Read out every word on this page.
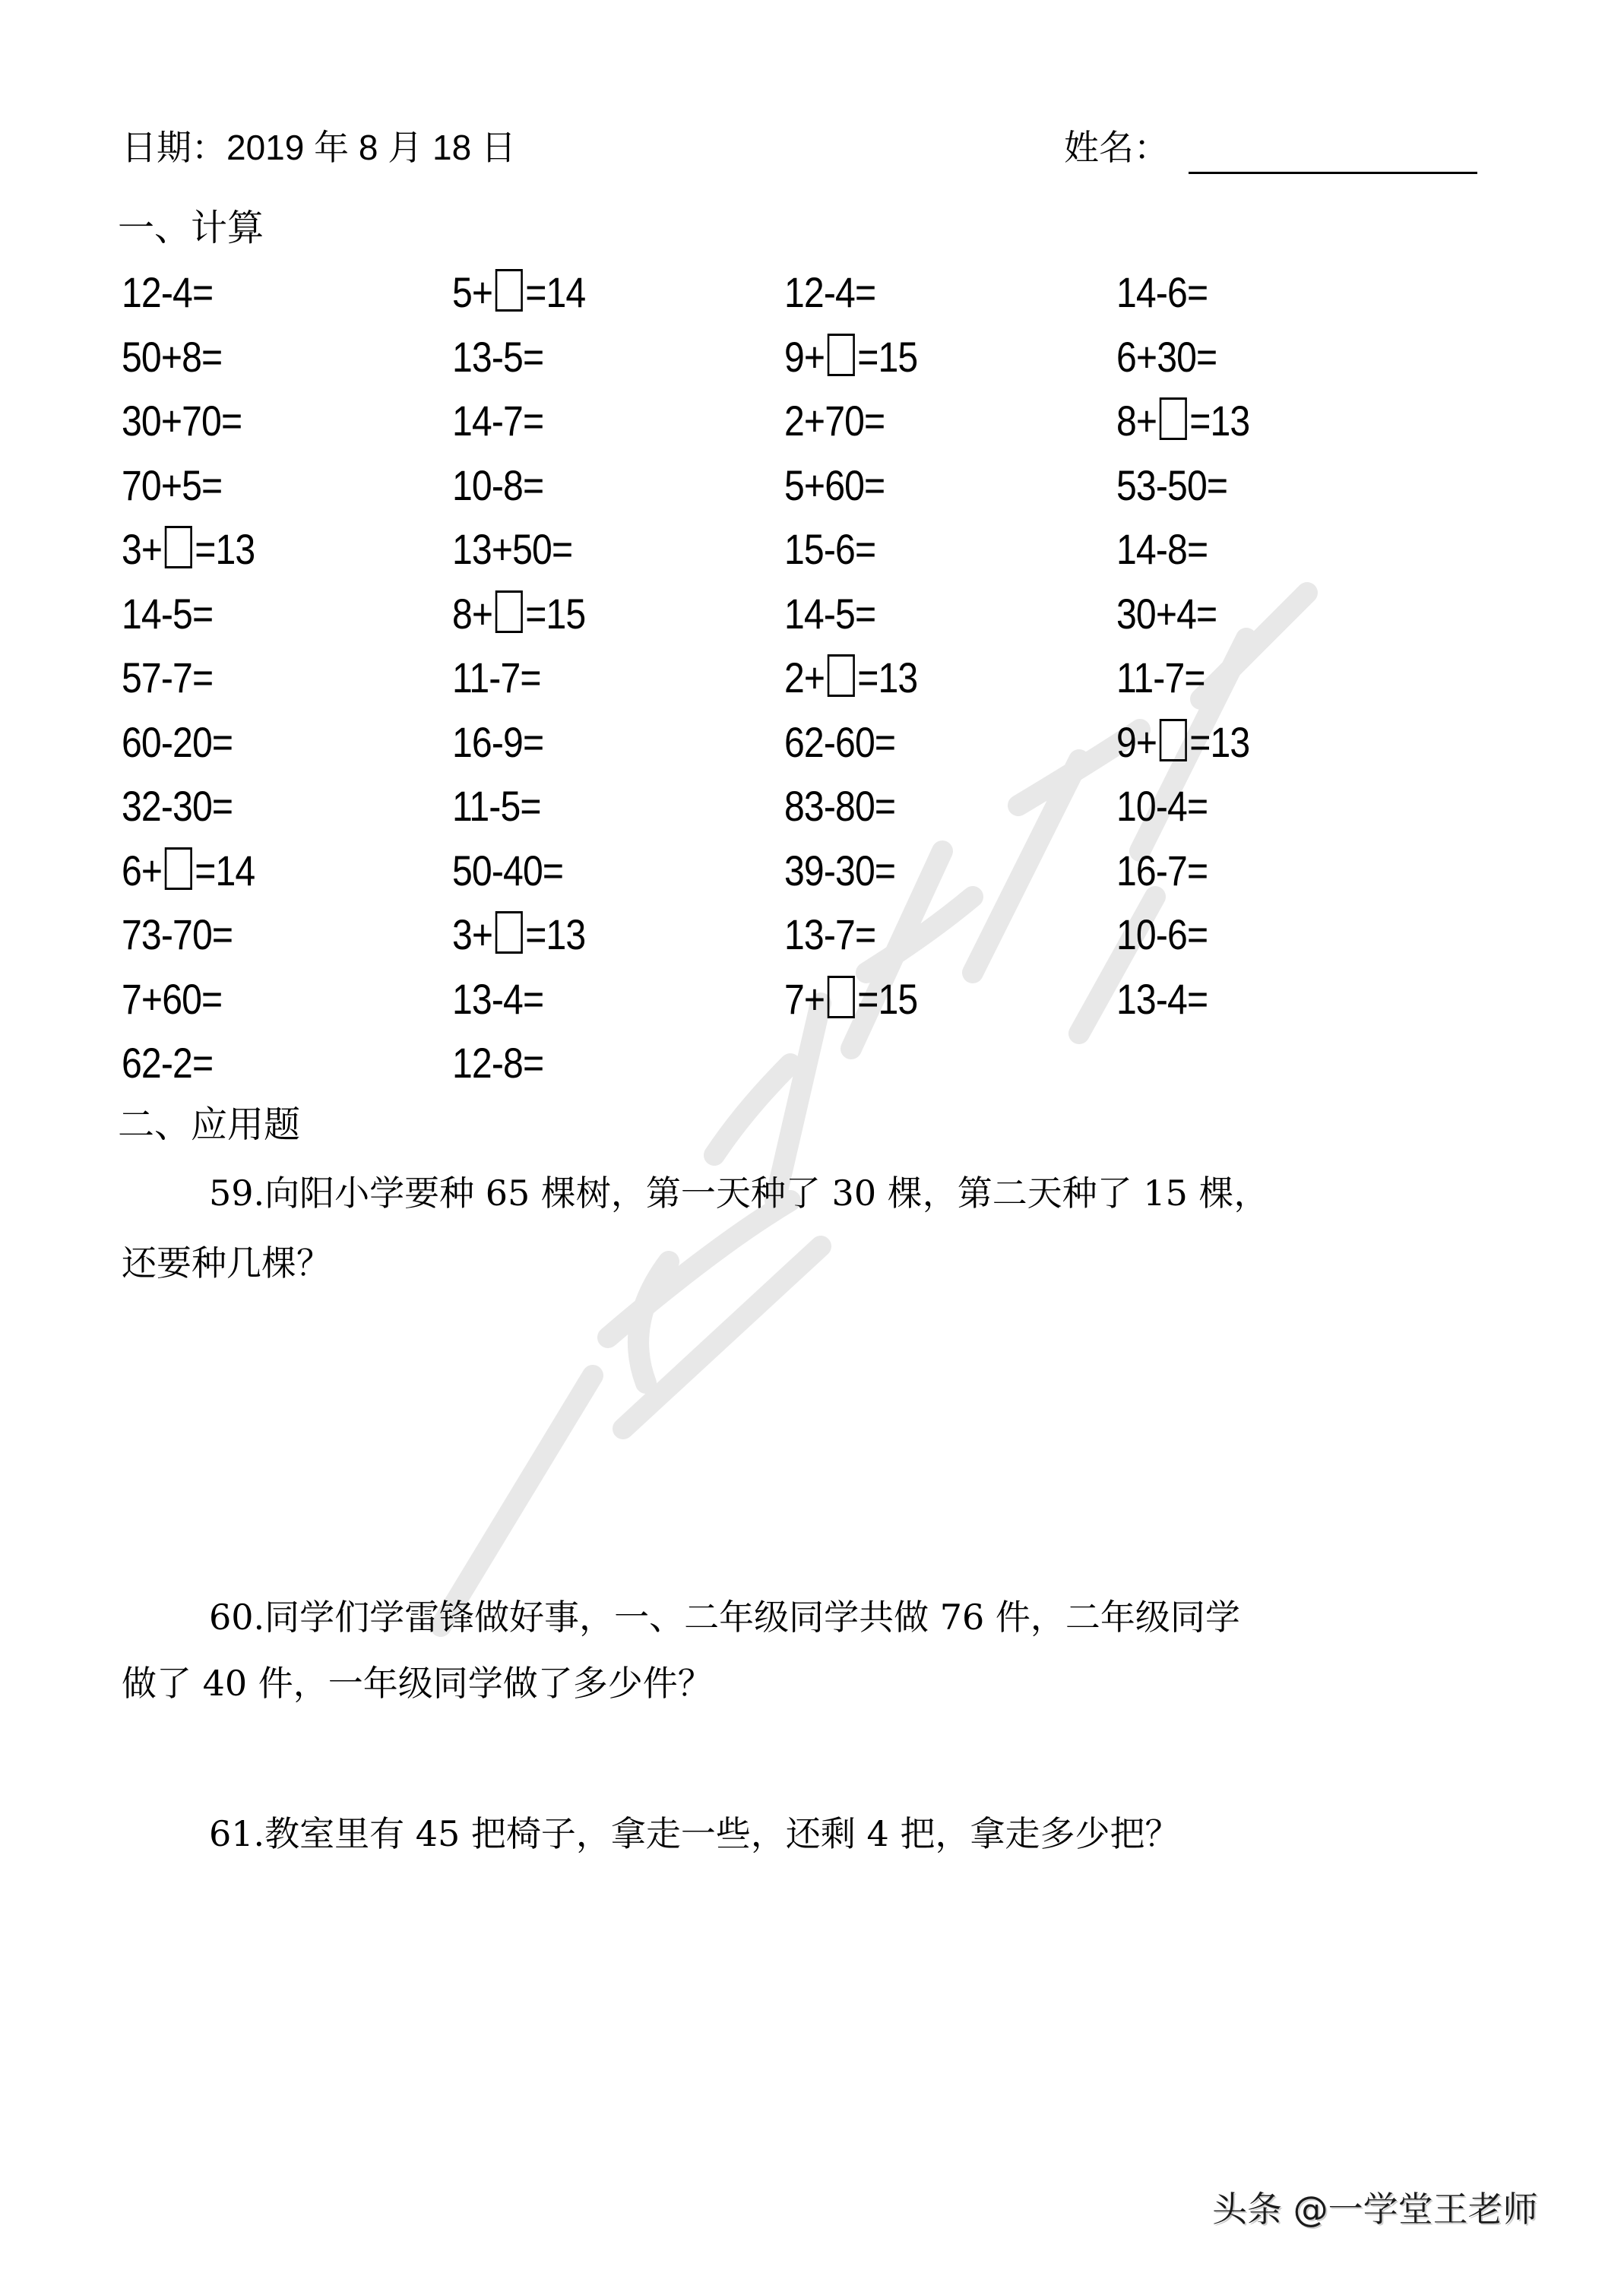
日期：2019 年 8 月 18 日	姓名：
一、计算
12-4=
50+8=
30+70=
70+5=
3+ =13
14-5=
57-7=
60-20=
32-30=
6+ =14
73-70=
7+60=
62-2=
5+ =14
13-5=
14-7=
10-8=
13+50=
8+ =15
11-7=
16-9=
11-5=
50-40=
3+ =13
13-4=
12-8=
12-4=
9+ =15
2+70=
5+60=
15-6=
14-5=
2+ =13
62-60=
83-80=
39-30=
13-7=
7+ =15
14-6=
6+30=
8+ =13
53-50=
14-8=
30+4=
11-7=
9+ =13
10-4=
16-7=
10-6=
13-4=
二、应用题
59.向阳小学要种 65 棵树，第一天种了 30 棵，第二天种了 15 棵，
还要种几棵？
60.同学们学雷锋做好事，一、二年级同学共做 76 件，二年级同学
做了 40 件，一年级同学做了多少件？
61.教室里有 45 把椅子，拿走一些，还剩 4 把，拿走多少把？
头条 @一学堂王老师
